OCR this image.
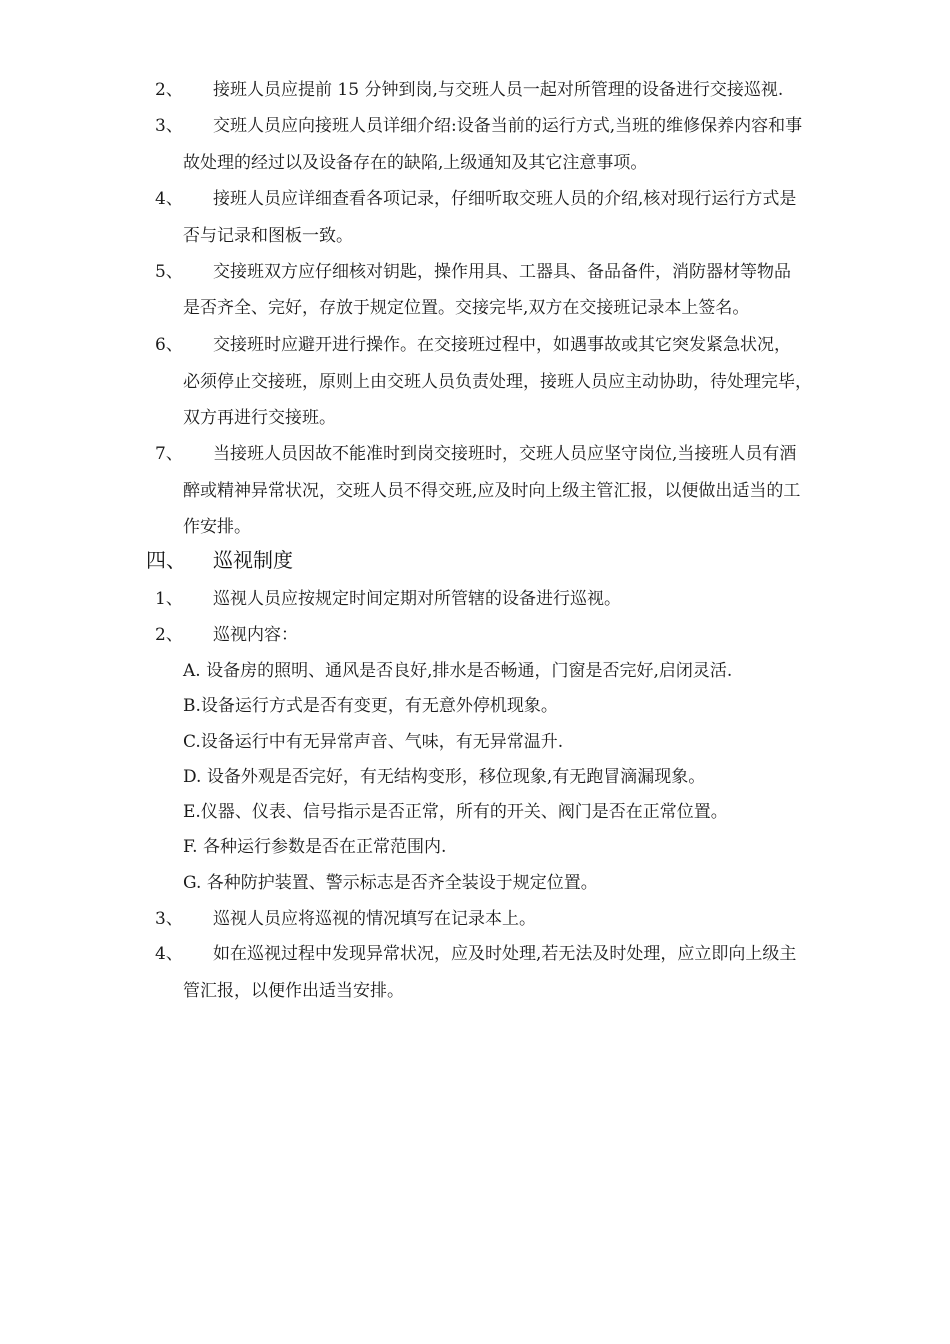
2、 接班人员应提前 15 分钟到岗,与交班人员一起对所管理的设备进行交接巡视.
3、 交班人员应向接班人员详细介绍:设备当前的运行方式,当班的维修保养内容和事
故处理的经过以及设备存在的缺陷,上级通知及其它注意事项。
4、 接班人员应详细查看各项记录，仔细听取交班人员的介绍,核对现行运行方式是
否与记录和图板一致。
5、 交接班双方应仔细核对钥匙，操作用具、工器具、备品备件，消防器材等物品
是否齐全、完好，存放于规定位置。交接完毕,双方在交接班记录本上签名。
6、 交接班时应避开进行操作。在交接班过程中，如遇事故或其它突发紧急状况，
必须停止交接班，原则上由交班人员负责处理，接班人员应主动协助，待处理完毕，
双方再进行交接班。
7、 当接班人员因故不能准时到岗交接班时，交班人员应坚守岗位,当接班人员有酒
醉或精神异常状况，交班人员不得交班,应及时向上级主管汇报，以便做出适当的工
作安排。
四、 巡视制度
1、 巡视人员应按规定时间定期对所管辖的设备进行巡视。
2、 巡视内容：
A. 设备房的照明、通风是否良好,排水是否畅通，门窗是否完好,启闭灵活.
B.设备运行方式是否有变更，有无意外停机现象。
C.设备运行中有无异常声音、气味，有无异常温升.
D. 设备外观是否完好，有无结构变形，移位现象,有无跑冒滴漏现象。
E.仪器、仪表、信号指示是否正常，所有的开关、阀门是否在正常位置。
F. 各种运行参数是否在正常范围内.
G. 各种防护装置、警示标志是否齐全装设于规定位置。
3、 巡视人员应将巡视的情况填写在记录本上。
4、 如在巡视过程中发现异常状况，应及时处理,若无法及时处理，应立即向上级主
管汇报，以便作出适当安排。
